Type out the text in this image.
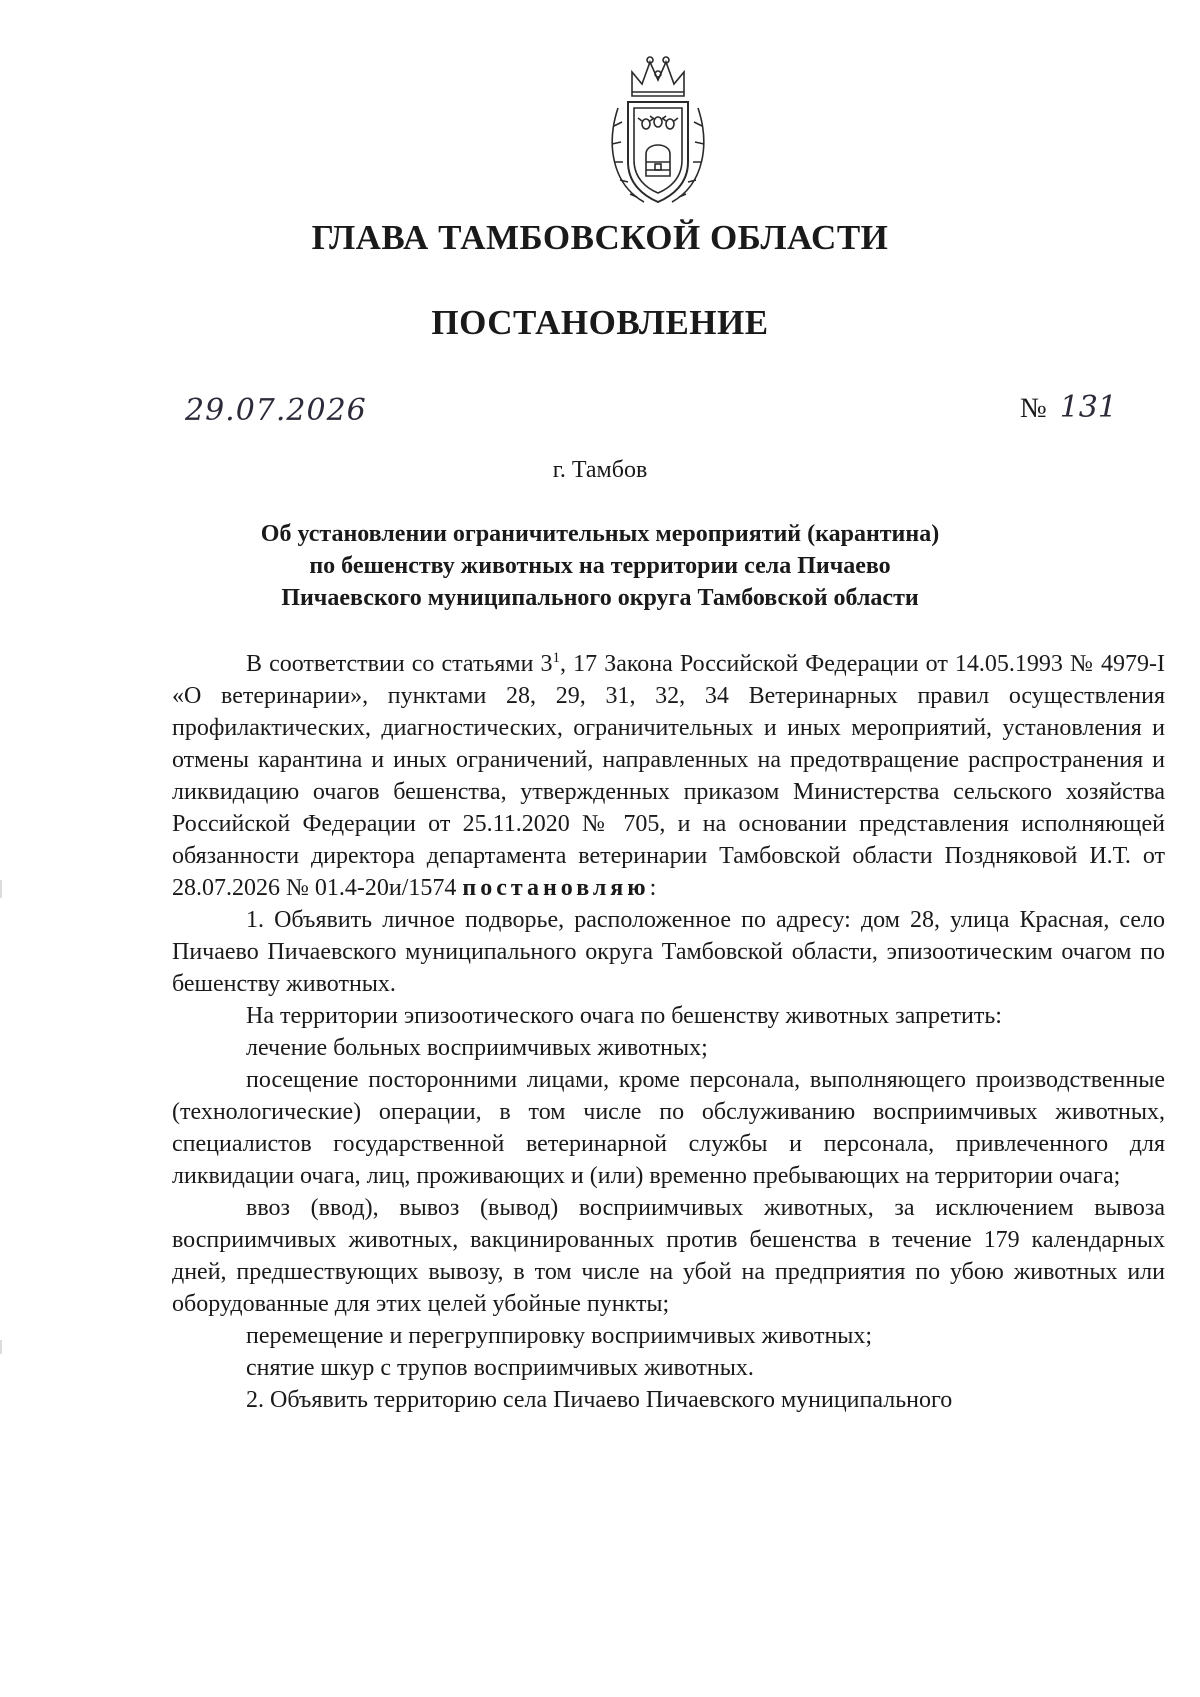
ГЛАВА ТАМБОВСКОЙ ОБЛАСТИ
ПОСТАНОВЛЕНИЕ
29.07.2026	№ 131
г. Тамбов
Об установлении ограничительных мероприятий (карантина)
по бешенству животных на территории села Пичаево
Пичаевского муниципального округа Тамбовской области

В соответствии со статьями $3^1$, 17 Закона Российской Федерации от 14.05.1993 № 4979-I «О ветеринарии», пунктами 28, 29, 31, 32, 34 Ветеринарных правил осуществления профилактических, диагностических, ограничительных и иных мероприятий, установления и отмены карантина и иных ограничений, направленных на предотвращение распространения и ликвидацию очагов бешенства, утвержденных приказом Министерства сельского хозяйства Российской Федерации от 25.11.2020 № 705, и на основании представления исполняющей обязанности директора департамента ветеринарии Тамбовской области Поздняковой И.Т. от 28.07.2026 № 01.4-20и/1574 постановляю:

1. Объявить личное подворье, расположенное по адресу: дом 28, улица Красная, село Пичаево Пичаевского муниципального округа Тамбовской области, эпизоотическим очагом по бешенству животных.

На территории эпизоотического очага по бешенству животных запретить:

лечение больных восприимчивых животных;

посещение посторонними лицами, кроме персонала, выполняющего производственные (технологические) операции, в том числе по обслуживанию восприимчивых животных, специалистов государственной ветеринарной службы и персонала, привлеченного для ликвидации очага, лиц, проживающих и (или) временно пребывающих на территории очага;

ввоз (ввод), вывоз (вывод) восприимчивых животных, за исключением вывоза восприимчивых животных, вакцинированных против бешенства в течение 179 календарных дней, предшествующих вывозу, в том числе на убой на предприятия по убою животных или оборудованные для этих целей убойные пункты;

перемещение и перегруппировку восприимчивых животных;

снятие шкур с трупов восприимчивых животных.

2. Объявить территорию села Пичаево Пичаевского муниципального
